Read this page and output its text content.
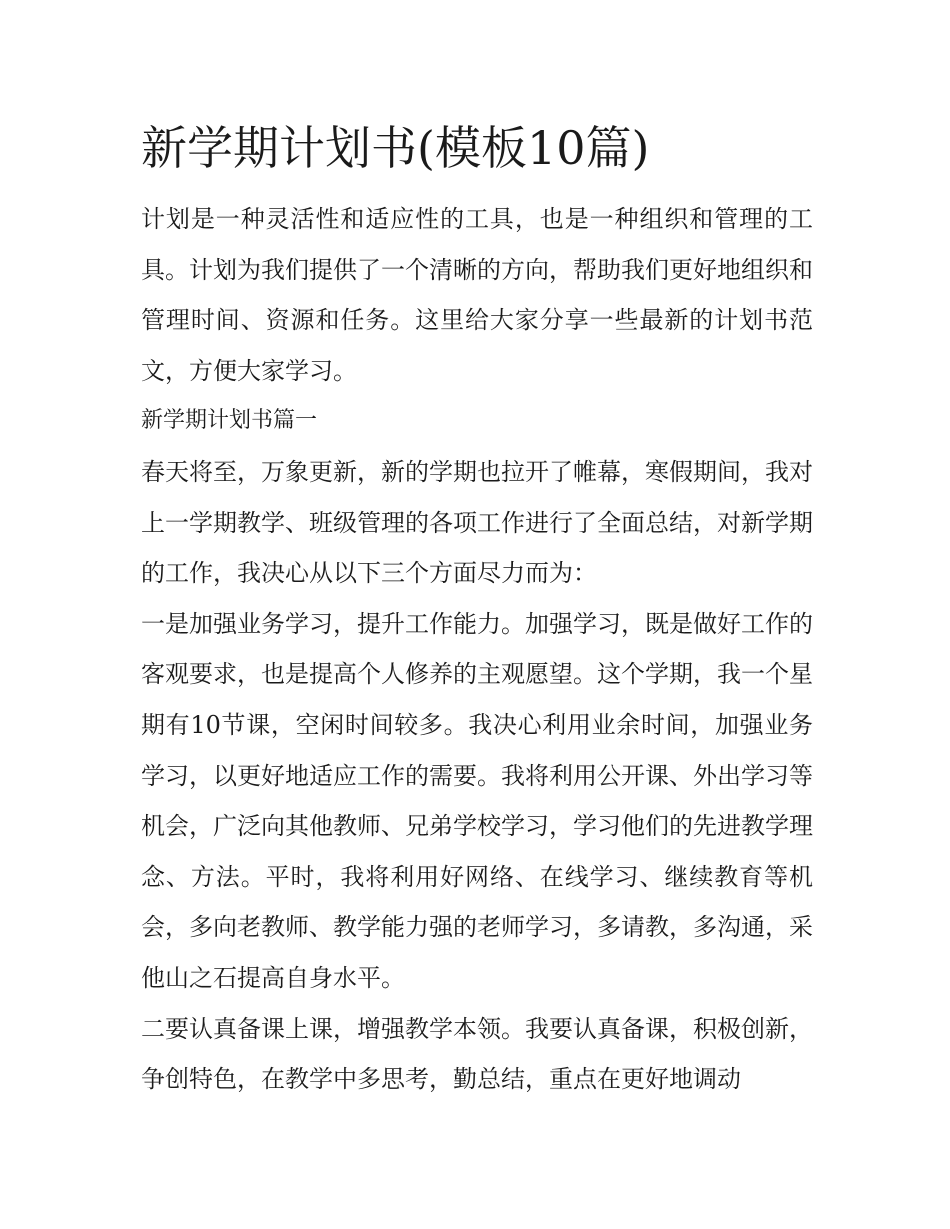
新学期计划书(模板10篇)

计划是一种灵活性和适应性的工具，也是一种组织和管理的工具。计划为我们提供了一个清晰的方向，帮助我们更好地组织和管理时间、资源和任务。这里给大家分享一些最新的计划书范文，方便大家学习。

新学期计划书篇一

春天将至，万象更新，新的学期也拉开了帷幕，寒假期间，我对上一学期教学、班级管理的各项工作进行了全面总结，对新学期的工作，我决心从以下三个方面尽力而为：

一是加强业务学习，提升工作能力。加强学习，既是做好工作的客观要求，也是提高个人修养的主观愿望。这个学期，我一个星期有10节课，空闲时间较多。我决心利用业余时间，加强业务学习，以更好地适应工作的需要。我将利用公开课、外出学习等机会，广泛向其他教师、兄弟学校学习，学习他们的先进教学理念、方法。平时，我将利用好网络、在线学习、继续教育等机会，多向老教师、教学能力强的老师学习，多请教，多沟通，采他山之石提高自身水平。

二要认真备课上课，增强教学本领。我要认真备课，积极创新，争创特色，在教学中多思考，勤总结，重点在更好地调动
